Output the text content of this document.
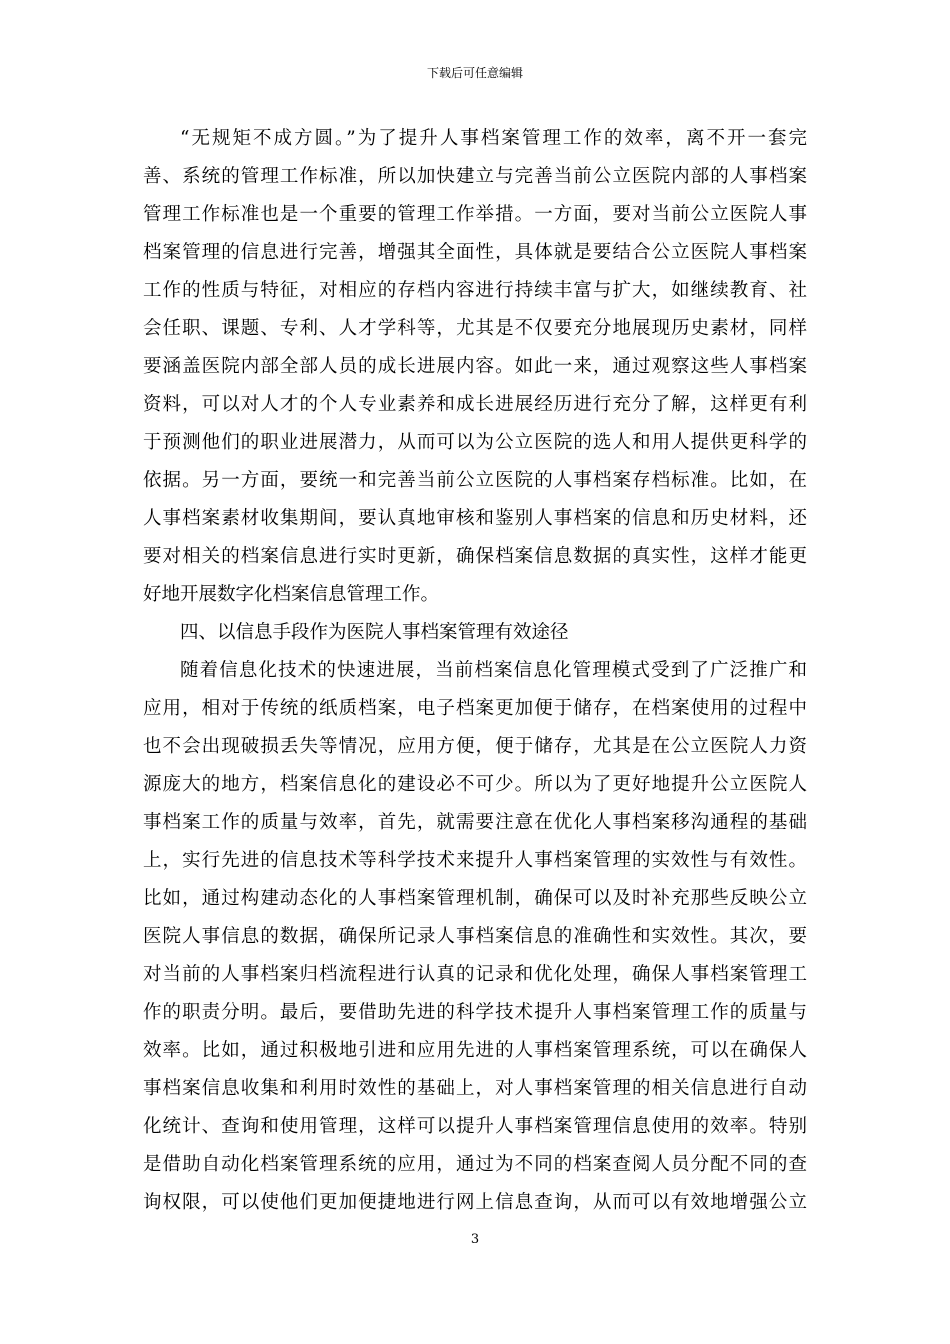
下载后可任意编辑
“无规矩不成方圆。”为了提升人事档案管理工作的效率，离不开一套完
善、系统的管理工作标准，所以加快建立与完善当前公立医院内部的人事档案
管理工作标准也是一个重要的管理工作举措。一方面，要对当前公立医院人事
档案管理的信息进行完善，增强其全面性，具体就是要结合公立医院人事档案
工作的性质与特征，对相应的存档内容进行持续丰富与扩大，如继续教育、社
会任职、课题、专利、人才学科等，尤其是不仅要充分地展现历史素材，同样
要涵盖医院内部全部人员的成长进展内容。如此一来，通过观察这些人事档案
资料，可以对人才的个人专业素养和成长进展经历进行充分了解，这样更有利
于预测他们的职业进展潜力，从而可以为公立医院的选人和用人提供更科学的
依据。另一方面，要统一和完善当前公立医院的人事档案存档标准。比如，在
人事档案素材收集期间，要认真地审核和鉴别人事档案的信息和历史材料，还
要对相关的档案信息进行实时更新，确保档案信息数据的真实性，这样才能更
好地开展数字化档案信息管理工作。
四、以信息手段作为医院人事档案管理有效途径
随着信息化技术的快速进展，当前档案信息化管理模式受到了广泛推广和
应用，相对于传统的纸质档案，电子档案更加便于储存，在档案使用的过程中
也不会出现破损丢失等情况，应用方便，便于储存，尤其是在公立医院人力资
源庞大的地方，档案信息化的建设必不可少。所以为了更好地提升公立医院人
事档案工作的质量与效率，首先，就需要注意在优化人事档案移沟通程的基础
上，实行先进的信息技术等科学技术来提升人事档案管理的实效性与有效性。
比如，通过构建动态化的人事档案管理机制，确保可以及时补充那些反映公立
医院人事信息的数据，确保所记录人事档案信息的准确性和实效性。其次，要
对当前的人事档案归档流程进行认真的记录和优化处理，确保人事档案管理工
作的职责分明。最后，要借助先进的科学技术提升人事档案管理工作的质量与
效率。比如，通过积极地引进和应用先进的人事档案管理系统，可以在确保人
事档案信息收集和利用时效性的基础上，对人事档案管理的相关信息进行自动
化统计、查询和使用管理，这样可以提升人事档案管理信息使用的效率。特别
是借助自动化档案管理系统的应用，通过为不同的档案查阅人员分配不同的查
询权限，可以使他们更加便捷地进行网上信息查询，从而可以有效地增强公立
3
